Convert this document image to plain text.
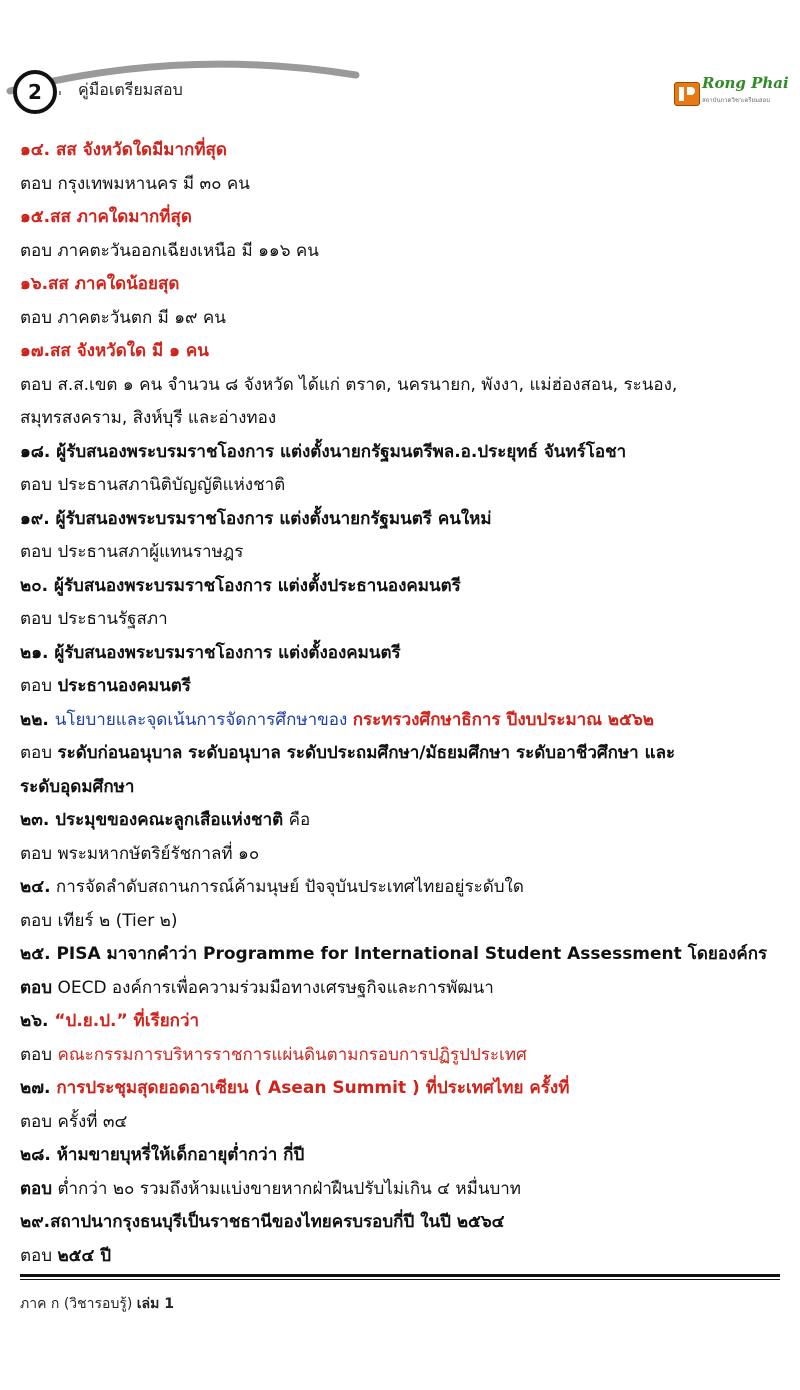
2	คู่มือเตรียมสอบ	Rong Phai
สถาบันกวดวิชาเตรียมสอบ
๑๔. สส จังหวัดใดมีมากที่สุด
ตอบ กรุงเทพมหานคร มี ๓๐ คน
๑๕.สส ภาคใดมากที่สุด
ตอบ ภาคตะวันออกเฉียงเหนือ มี ๑๑๖ คน
๑๖.สส ภาคใดน้อยสุด
ตอบ ภาคตะวันตก มี ๑๙ คน
๑๗.สส จังหวัดใด มี ๑ คน
ตอบ ส.ส.เขต ๑ คน จำนวน ๘ จังหวัด ได้แก่ ตราด, นครนายก, พังงา, แม่ฮ่องสอน, ระนอง,
สมุทรสงคราม, สิงห์บุรี และอ่างทอง
๑๘. ผู้รับสนองพระบรมราชโองการ แต่งตั้งนายกรัฐมนตรีพล.อ.ประยุทธ์ จันทร์โอชา
ตอบ ประธานสภานิติบัญญัติแห่งชาติ
๑๙. ผู้รับสนองพระบรมราชโองการ แต่งตั้งนายกรัฐมนตรี คนใหม่
ตอบ ประธานสภาผู้แทนราษฎร
๒๐. ผู้รับสนองพระบรมราชโองการ แต่งตั้งประธานองคมนตรี
ตอบ ประธานรัฐสภา
๒๑. ผู้รับสนองพระบรมราชโองการ แต่งตั้งองคมนตรี
ตอบ ประธานองคมนตรี
๒๒. นโยบายและจุดเน้นการจัดการศึกษาของ กระทรวงศึกษาธิการ ปีงบประมาณ ๒๕๖๒
ตอบ ระดับก่อนอนุบาล ระดับอนุบาล ระดับประถมศึกษา/มัธยมศึกษา ระดับอาชีวศึกษา และ
ระดับอุดมศึกษา
๒๓. ประมุขของคณะลูกเสือแห่งชาติ คือ
ตอบ พระมหากษัตริย์รัชกาลที่ ๑๐
๒๔. การจัดลำดับสถานการณ์ค้ามนุษย์ ปัจจุบันประเทศไทยอยู่ระดับใด
ตอบ เทียร์ ๒ (Tier ๒)
๒๕. PISA มาจากคำว่า Programme for International Student Assessment โดยองค์กร
ตอบ OECD องค์การเพื่อความร่วมมือทางเศรษฐกิจและการพัฒนา
๒๖. “ป.ย.ป.” ที่เรียกว่า
ตอบ คณะกรรมการบริหารราชการแผ่นดินตามกรอบการปฏิรูปประเทศ
๒๗. การประชุมสุดยอดอาเซียน ( Asean Summit ) ที่ประเทศไทย ครั้งที่
ตอบ ครั้งที่ ๓๔
๒๘. ห้ามขายบุหรี่ให้เด็กอายุต่ำกว่า กี่ปี
ตอบ ต่ำกว่า ๒๐ รวมถึงห้ามแบ่งขายหากฝ่าฝืนปรับไม่เกิน ๔ หมื่นบาท
๒๙.สถาปนากรุงธนบุรีเป็นราชธานีของไทยครบรอบกี่ปี ในปี ๒๕๖๔
ตอบ ๒๕๔ ปี
ภาค ก (วิชารอบรู้) เล่ม 1
